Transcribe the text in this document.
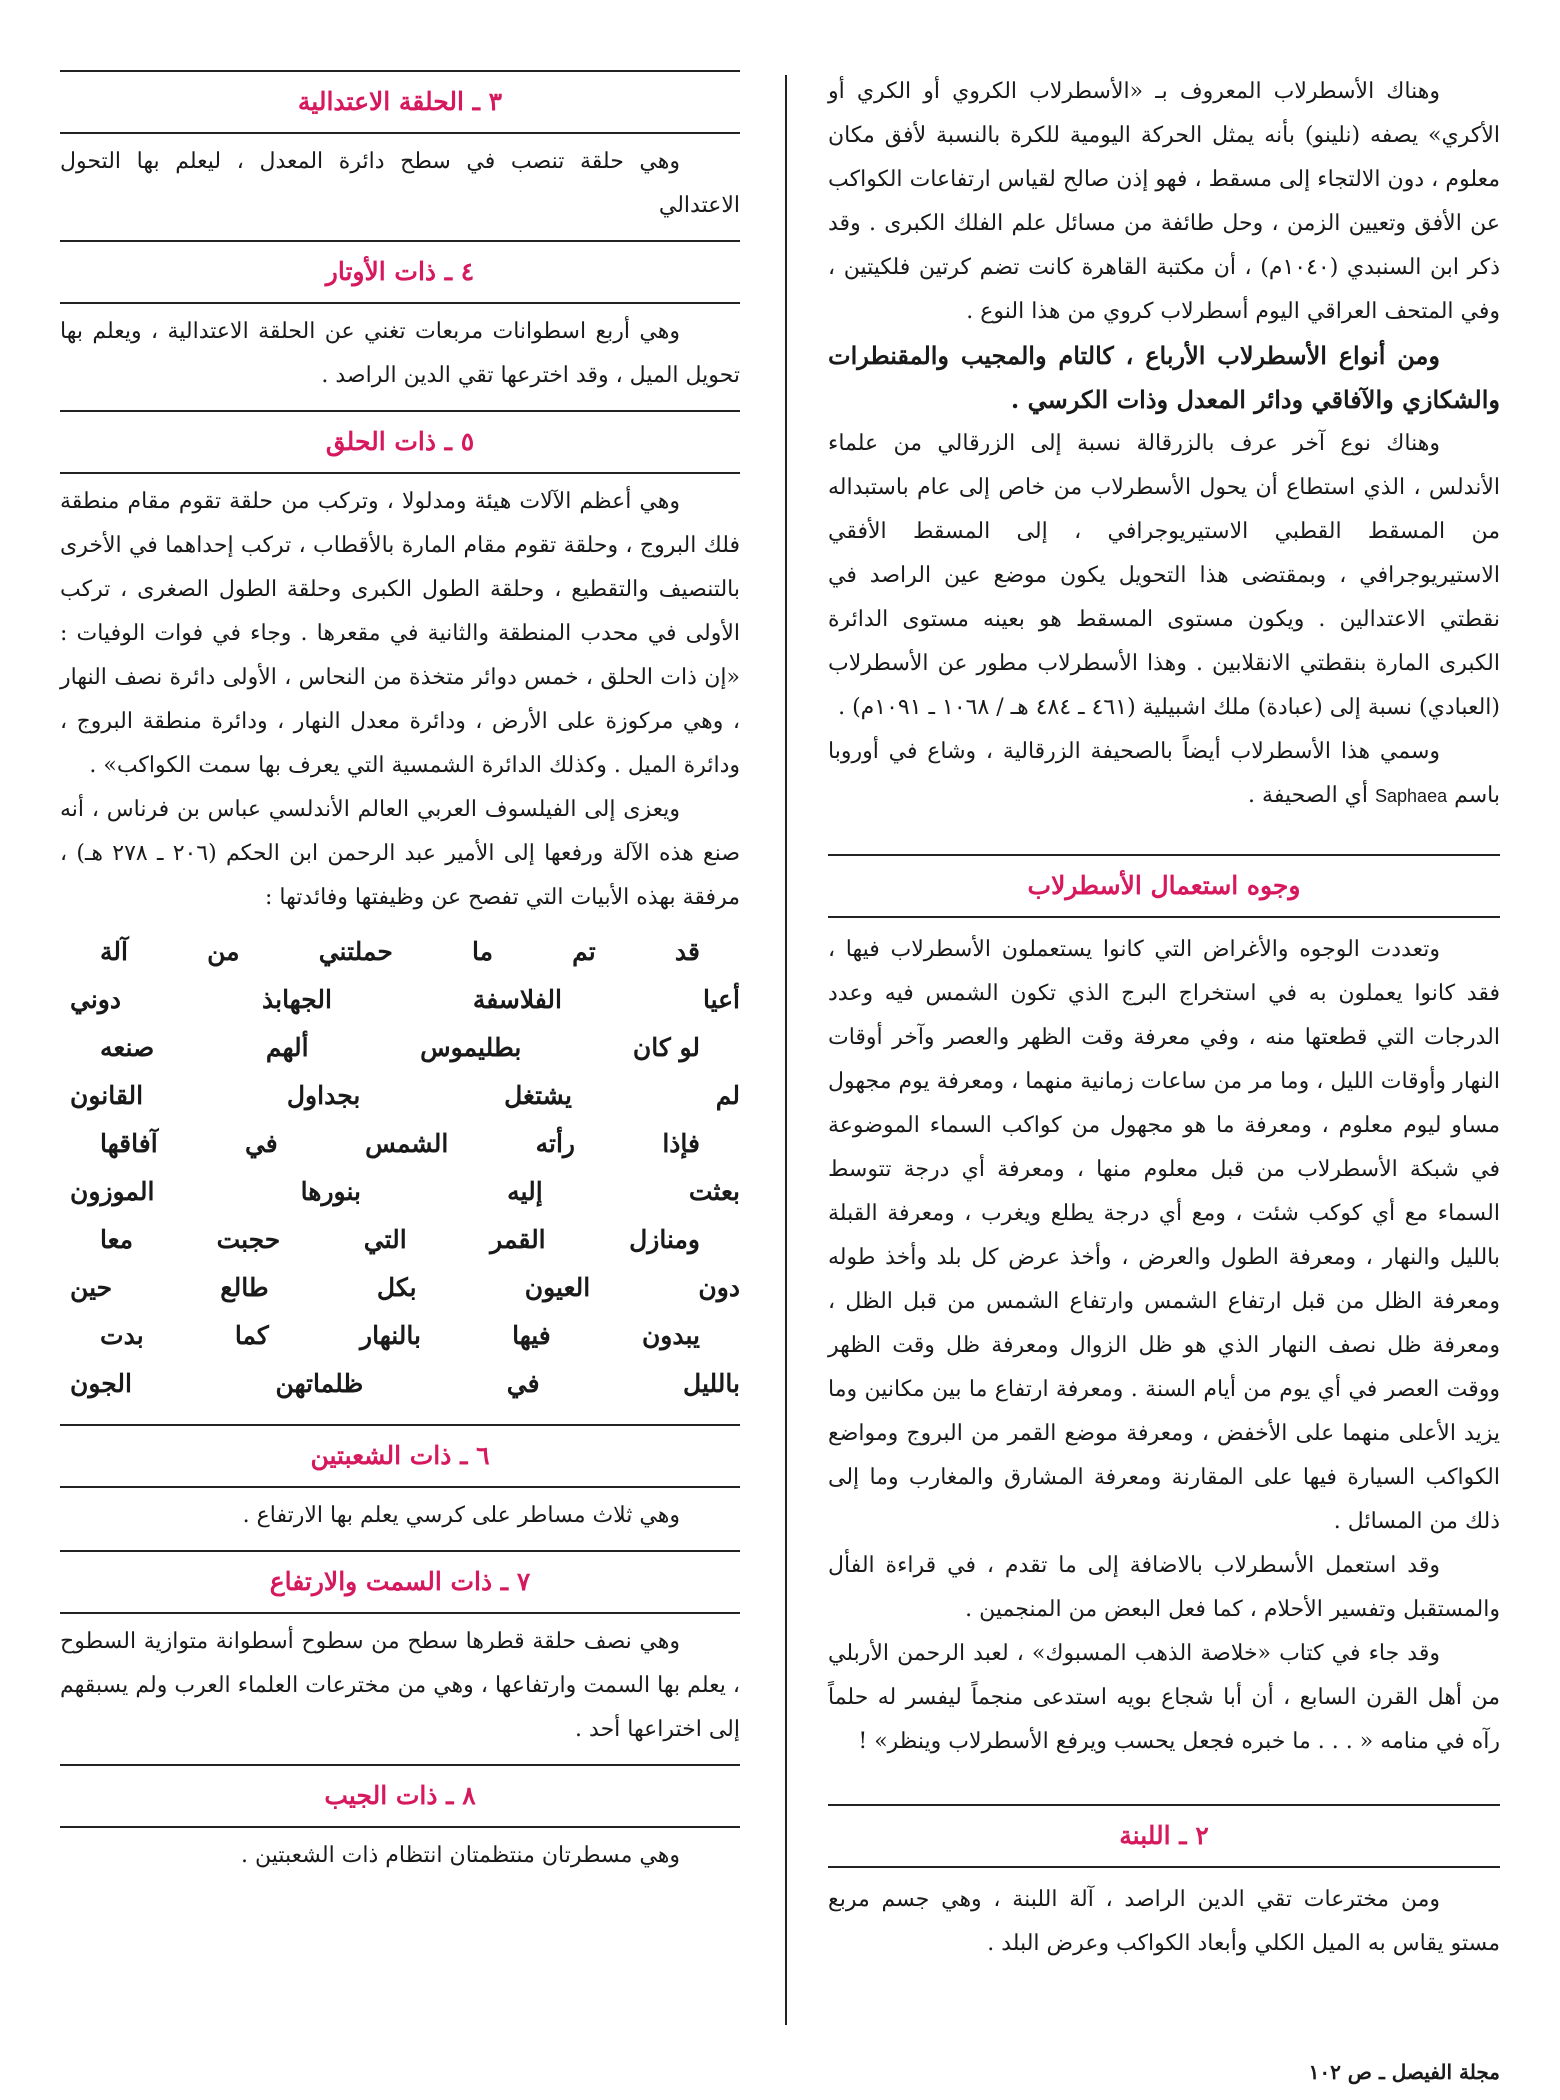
وهناك الأسطرلاب المعروف بـ «الأسطرلاب الكروي أو الكري أو الأكري» يصفه (نلينو) بأنه يمثل الحركة اليومية للكرة بالنسبة لأفق مكان معلوم ، دون الالتجاء إلى مسقط ، فهو إذن صالح لقياس ارتفاعات الكواكب عن الأفق وتعيين الزمن ، وحل طائفة من مسائل علم الفلك الكبرى . وقد ذكر ابن السنبدي (١٠٤٠م) ، أن مكتبة القاهرة كانت تضم كرتين فلكيتين ، وفي المتحف العراقي اليوم أسطرلاب كروي من هذا النوع .

ومن أنواع الأسطرلاب الأرباع ، كالتام والمجيب والمقنطرات والشكازي والآفاقي ودائر المعدل وذات الكرسي .

وهناك نوع آخر عرف بالزرقالة نسبة إلى الزرقالي من علماء الأندلس ، الذي استطاع أن يحول الأسطرلاب من خاص إلى عام باستبداله من المسقط القطبي الاستيريوجرافي ، إلى المسقط الأفقي الاستيريوجرافي ، وبمقتضى هذا التحويل يكون موضع عين الراصد في نقطتي الاعتدالين . ويكون مستوى المسقط هو بعينه مستوى الدائرة الكبرى المارة بنقطتي الانقلابين . وهذا الأسطرلاب مطور عن الأسطرلاب (العبادي) نسبة إلى (عبادة) ملك اشبيلية (٤٦١ ـ ٤٨٤ هـ / ١٠٦٨ ـ ١٠٩١م) .

وسمي هذا الأسطرلاب أيضاً بالصحيفة الزرقالية ، وشاع في أوروبا باسم Saphaea أي الصحيفة .

وجوه استعمال الأسطرلاب

وتعددت الوجوه والأغراض التي كانوا يستعملون الأسطرلاب فيها ، فقد كانوا يعملون به في استخراج البرج الذي تكون الشمس فيه وعدد الدرجات التي قطعتها منه ، وفي معرفة وقت الظهر والعصر وآخر أوقات النهار وأوقات الليل ، وما مر من ساعات زمانية منهما ، ومعرفة يوم مجهول مساو ليوم معلوم ، ومعرفة ما هو مجهول من كواكب السماء الموضوعة في شبكة الأسطرلاب من قبل معلوم منها ، ومعرفة أي درجة تتوسط السماء مع أي كوكب شئت ، ومع أي درجة يطلع ويغرب ، ومعرفة القبلة بالليل والنهار ، ومعرفة الطول والعرض ، وأخذ عرض كل بلد وأخذ طوله ومعرفة الظل من قبل ارتفاع الشمس وارتفاع الشمس من قبل الظل ، ومعرفة ظل نصف النهار الذي هو ظل الزوال ومعرفة ظل وقت الظهر ووقت العصر في أي يوم من أيام السنة . ومعرفة ارتفاع ما بين مكانين وما يزيد الأعلى منهما على الأخفض ، ومعرفة موضع القمر من البروج ومواضع الكواكب السيارة فيها على المقارنة ومعرفة المشارق والمغارب وما إلى ذلك من المسائل .

وقد استعمل الأسطرلاب بالاضافة إلى ما تقدم ، في قراءة الفأل والمستقبل وتفسير الأحلام ، كما فعل البعض من المنجمين .

وقد جاء في كتاب «خلاصة الذهب المسبوك» ، لعبد الرحمن الأربلي من أهل القرن السابع ، أن أبا شجاع بويه استدعى منجماً ليفسر له حلماً رآه في منامه « . . . ما خبره فجعل يحسب ويرفع الأسطرلاب وينظر» !

٢ ـ اللبنة

ومن مخترعات تقي الدين الراصد ، آلة اللبنة ، وهي جسم مربع مستو يقاس به الميل الكلي وأبعاد الكواكب وعرض البلد .

٣ ـ الحلقة الاعتدالية

وهي حلقة تنصب في سطح دائرة المعدل ، ليعلم بها التحول الاعتدالي

٤ ـ ذات الأوتار

وهي أربع اسطوانات مربعات تغني عن الحلقة الاعتدالية ، ويعلم بها تحويل الميل ، وقد اخترعها تقي الدين الراصد .

٥ ـ ذات الحلق

وهي أعظم الآلات هيئة ومدلولا ، وتركب من حلقة تقوم مقام منطقة فلك البروج ، وحلقة تقوم مقام المارة بالأقطاب ، تركب إحداهما في الأخرى بالتنصيف والتقطيع ، وحلقة الطول الكبرى وحلقة الطول الصغرى ، تركب الأولى في محدب المنطقة والثانية في مقعرها . وجاء في فوات الوفيات : «إن ذات الحلق ، خمس دوائر متخذة من النحاس ، الأولى دائرة نصف النهار ، وهي مركوزة على الأرض ، ودائرة معدل النهار ، ودائرة منطقة البروج ، ودائرة الميل . وكذلك الدائرة الشمسية التي يعرف بها سمت الكواكب» .

ويعزى إلى الفيلسوف العربي العالم الأندلسي عباس بن فرناس ، أنه صنع هذه الآلة ورفعها إلى الأمير عبد الرحمن ابن الحكم (٢٠٦ ـ ٢٧٨ هـ) ، مرفقة بهذه الأبيات التي تفصح عن وظيفتها وفائدتها :

قد
تم
ما
حملتني
من
آلة
أعيا
الفلاسفة
الجهابذ
دوني
لو كان
بطليموس
ألهم
صنعه
لم
يشتغل
بجداول
القانون
فإذا
رأته
الشمس
في
آفاقها
بعثت
إليه
بنورها
الموزون
ومنازل
القمر
التي
حجبت
معا
دون
العيون
بكل
طالع
حين
يبدون
فيها
بالنهار
كما
بدت
بالليل
في
ظلماتهن
الجون
٦ ـ ذات الشعبتين

وهي ثلاث مساطر على كرسي يعلم بها الارتفاع .

٧ ـ ذات السمت والارتفاع

وهي نصف حلقة قطرها سطح من سطوح أسطوانة متوازية السطوح ، يعلم بها السمت وارتفاعها ، وهي من مخترعات العلماء العرب ولم يسبقهم إلى اختراعها أحد .

٨ ـ ذات الجيب

وهي مسطرتان منتظمتان انتظام ذات الشعبتين .

مجلة الفيصل ـ ص ١٠٢
